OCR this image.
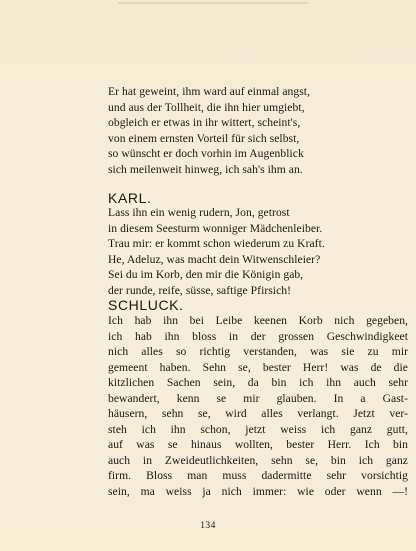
Er hat geweint, ihm ward auf einmal angst,
und aus der Tollheit, die ihn hier umgiebt,
obgleich er etwas in ihr wittert, scheint's,
von einem ernsten Vorteil für sich selbst,
so wünscht er doch vorhin im Augenblick
sich meilenweit hinweg, ich sah's ihm an.
KARL.
Lass ihn ein wenig rudern, Jon, getrost
in diesem Seesturm wonniger Mädchenleiber.
Trau mir: er kommt schon wiederum zu Kraft.
He, Adeluz, was macht dein Witwenschleier?
Sei du im Korb, den mir die Königin gab,
der runde, reife, süsse, saftige Pfirsich!
SCHLUCK.
Ich hab ihn bei Leibe keenen Korb nich gegeben,
ich hab ihn bloss in der grossen Geschwindigkeet
nich alles so richtig verstanden, was sie zu mir
gemeent haben. Sehn se, bester Herr! was de die
kitzlichen Sachen sein, da bin ich ihn auch sehr
bewandert, kenn se mir glauben. In a Gast-
häusern, sehn se, wird alles verlangt. Jetzt ver-
steh ich ihn schon, jetzt weiss ich ganz gutt,
auf was se hinaus wollten, bester Herr. Ich bin
auch in Zweideutlichkeiten, sehn se, bin ich ganz
firm. Bloss man muss dadermitte sehr vorsichtig
sein, ma weiss ja nich immer: wie oder wenn —!
134
